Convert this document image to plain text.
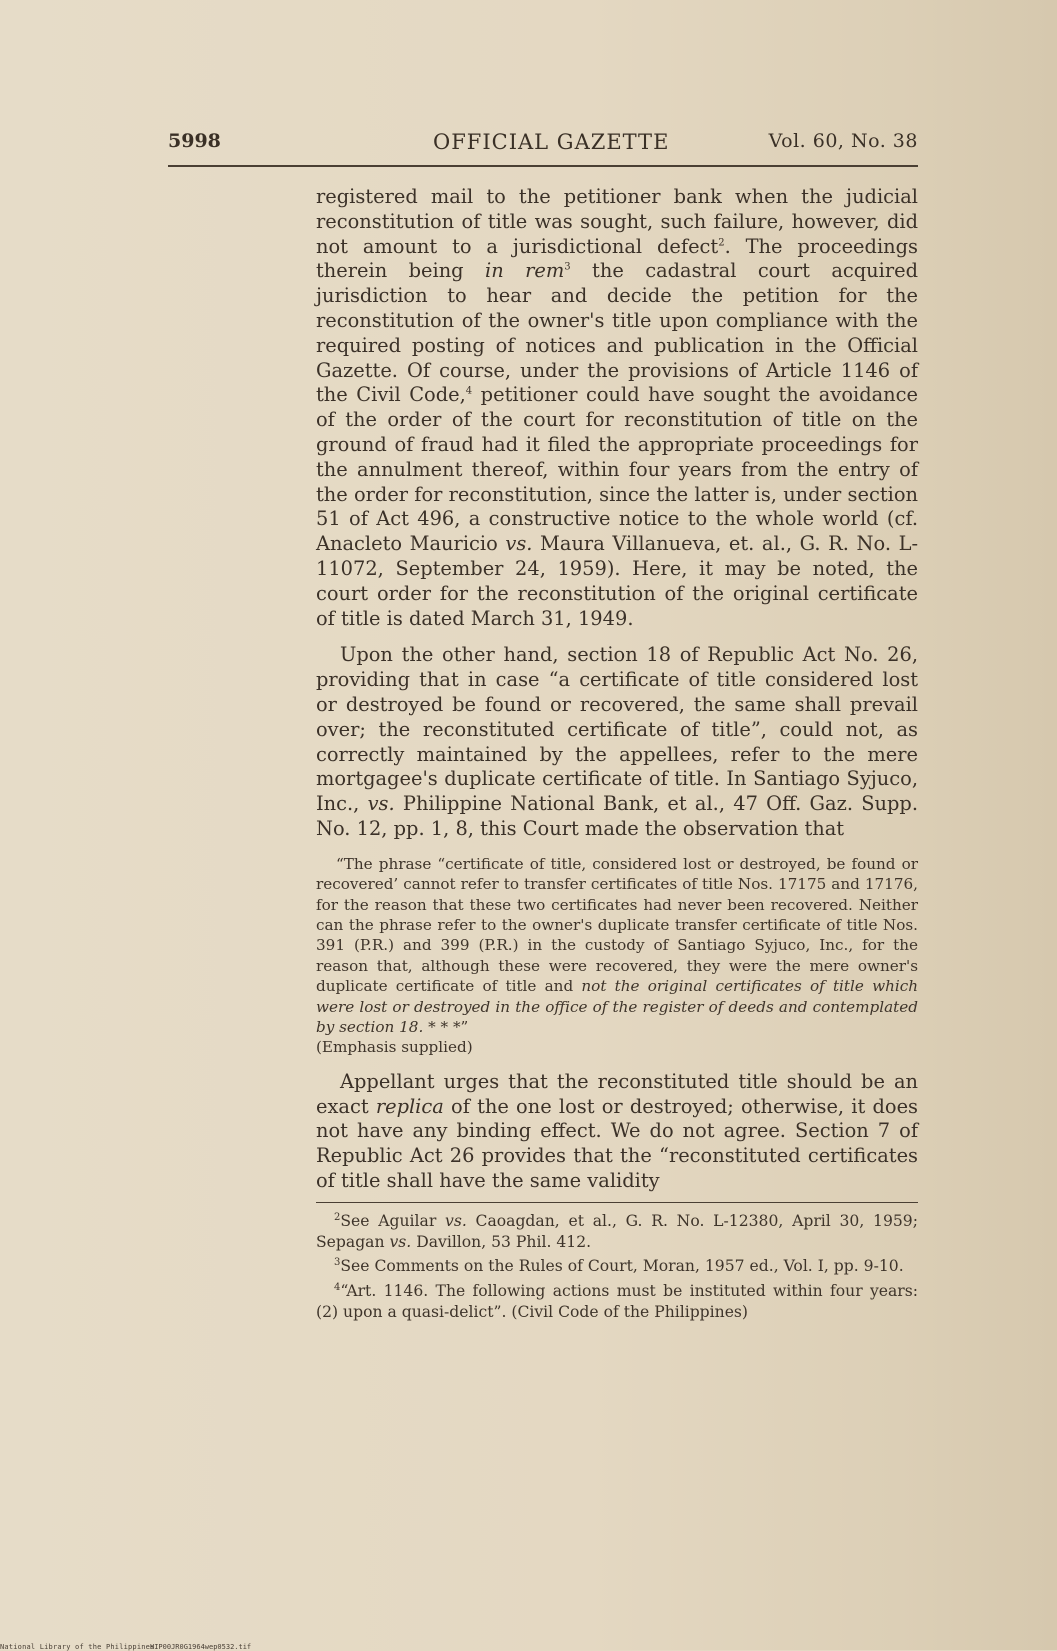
5998	OFFICIAL GAZETTE	Vol. 60, No. 38

registered mail to the petitioner bank when the judicial reconstitution of title was sought, such failure, however, did not amount to a jurisdictional defect$^2$. The proceedings therein being in rem$^3$ the cadastral court acquired jurisdiction to hear and decide the petition for the reconstitution of the owner's title upon compliance with the required posting of notices and publication in the Official Gazette. Of course, under the provisions of Article 1146 of the Civil Code,$^4$ petitioner could have sought the avoidance of the order of the court for reconstitution of title on the ground of fraud had it filed the appropriate proceedings for the annulment thereof, within four years from the entry of the order for reconstitution, since the latter is, under section 51 of Act 496, a constructive notice to the whole world (cf. Anacleto Mauricio vs. Maura Villanueva, et. al., G. R. No. L-11072, September 24, 1959). Here, it may be noted, the court order for the reconstitution of the original certificate of title is dated March 31, 1949.

Upon the other hand, section 18 of Republic Act No. 26, providing that in case “a certificate of title considered lost or destroyed be found or recovered, the same shall prevail over; the reconstituted certificate of title”, could not, as correctly maintained by the appellees, refer to the mere mortgagee's duplicate certificate of title. In Santiago Syjuco, Inc., vs. Philippine National Bank, et al., 47 Off. Gaz. Supp. No. 12, pp. 1, 8, this Court made the observation that

“The phrase “certificate of title, considered lost or destroyed, be found or recovered’ cannot refer to transfer certificates of title Nos. 17175 and 17176, for the reason that these two certificates had never been recovered. Neither can the phrase refer to the owner's duplicate transfer certificate of title Nos. 391 (P.R.) and 399 (P.R.) in the custody of Santiago Syjuco, Inc., for the reason that, although these were recovered, they were the mere owner's duplicate certificate of title and not the original certificates of title which were lost or destroyed in the office of the register of deeds and contemplated by section 18. * * *”

(Emphasis supplied)

Appellant urges that the reconstituted title should be an exact replica of the one lost or destroyed; otherwise, it does not have any binding effect. We do not agree. Section 7 of Republic Act 26 provides that the “reconstituted certificates of title shall have the same validity

$^2$See Aguilar vs. Caoagdan, et al., G. R. No. L-12380, April 30, 1959; Sepagan vs. Davillon, 53 Phil. 412.

$^3$See Comments on the Rules of Court, Moran, 1957 ed., Vol. I, pp. 9-10.

$^4$“Art. 1146. The following actions must be instituted within four years: (2) upon a quasi-delict”. (Civil Code of the Philippines)

National Library of the Philippines
HIP00JR0G1964wep0532.tif
